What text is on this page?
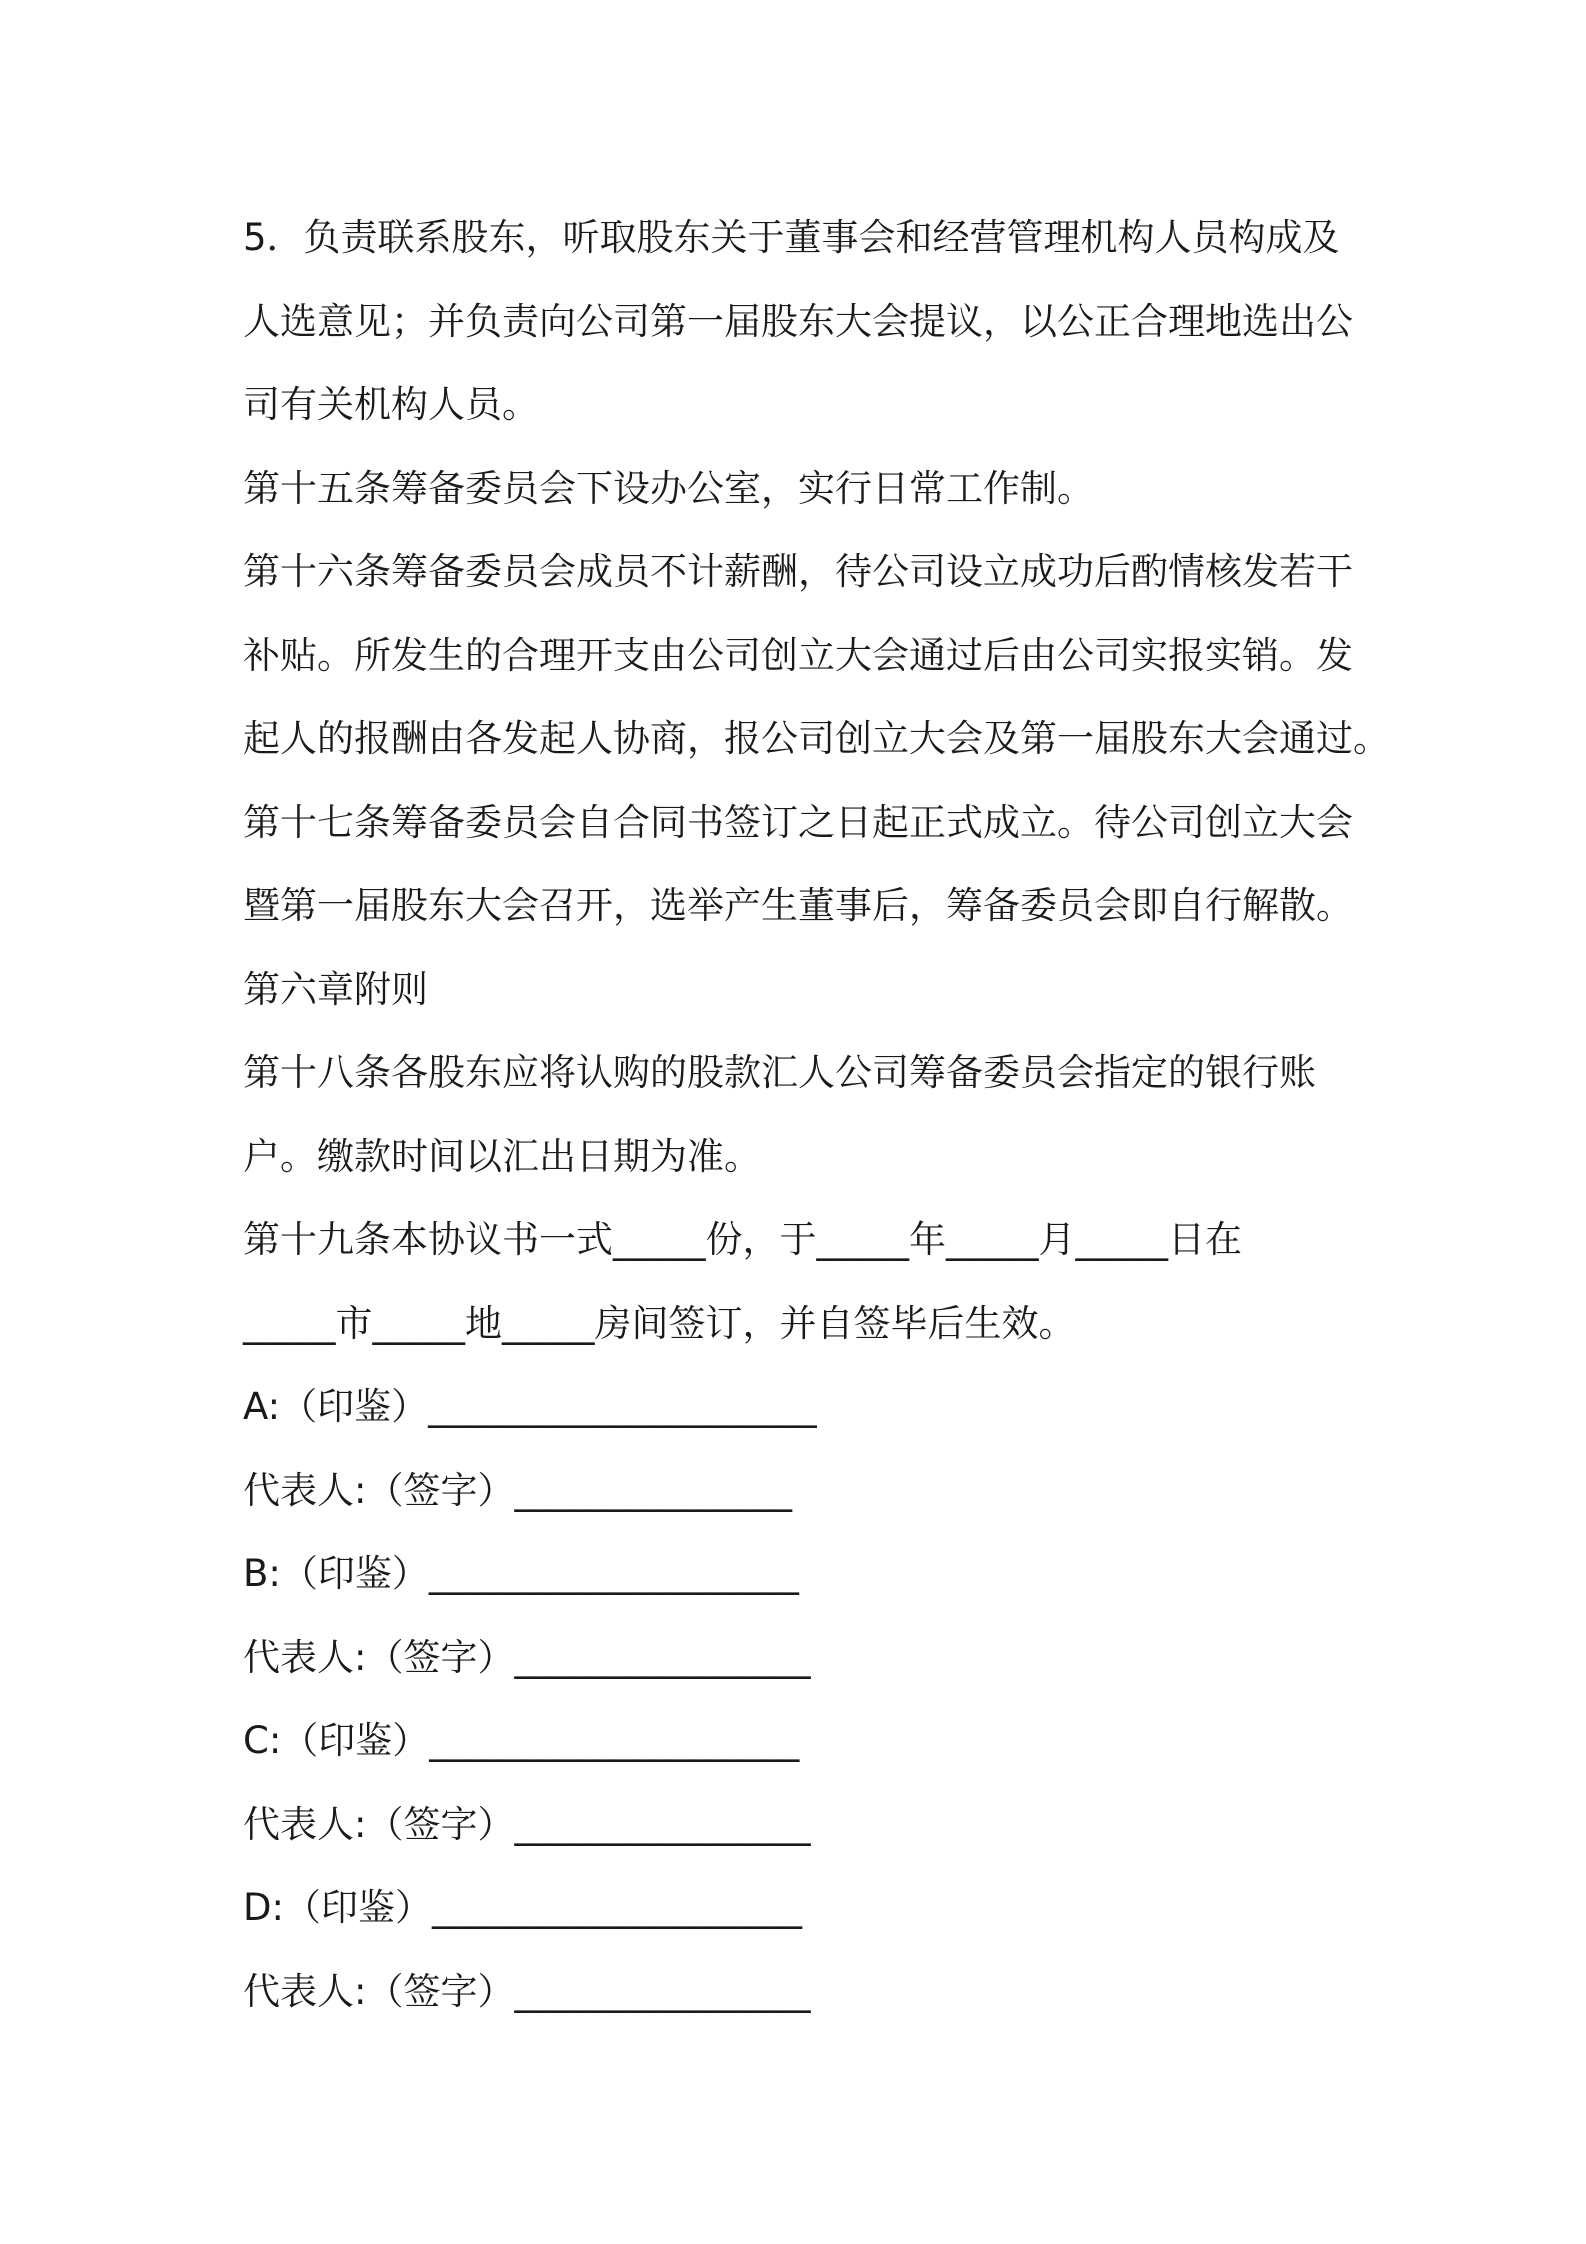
5．负责联系股东，听取股东关于董事会和经营管理机构人员构成及
人选意见；并负责向公司第一届股东大会提议，以公正合理地选出公
司有关机构人员。
第十五条筹备委员会下设办公室，实行日常工作制。
第十六条筹备委员会成员不计薪酬，待公司设立成功后酌情核发若干
补贴。所发生的合理开支由公司创立大会通过后由公司实报实销。发
起人的报酬由各发起人协商，报公司创立大会及第一届股东大会通过。
第十七条筹备委员会自合同书签订之日起正式成立。待公司创立大会
暨第一届股东大会召开，选举产生董事后，筹备委员会即自行解散。
第六章附则
第十八条各股东应将认购的股款汇人公司筹备委员会指定的银行账
户。缴款时间以汇出日期为准。
第十九条本协议书一式_____份，于_____年_____月_____日在
_____市_____地_____房间签订，并自签毕后生效。
A:（印鉴）_____________________
代表人:（签字）_______________
B:（印鉴）____________________
代表人:（签字）________________
C:（印鉴）____________________
代表人:（签字）________________
D:（印鉴）____________________
代表人:（签字）________________
